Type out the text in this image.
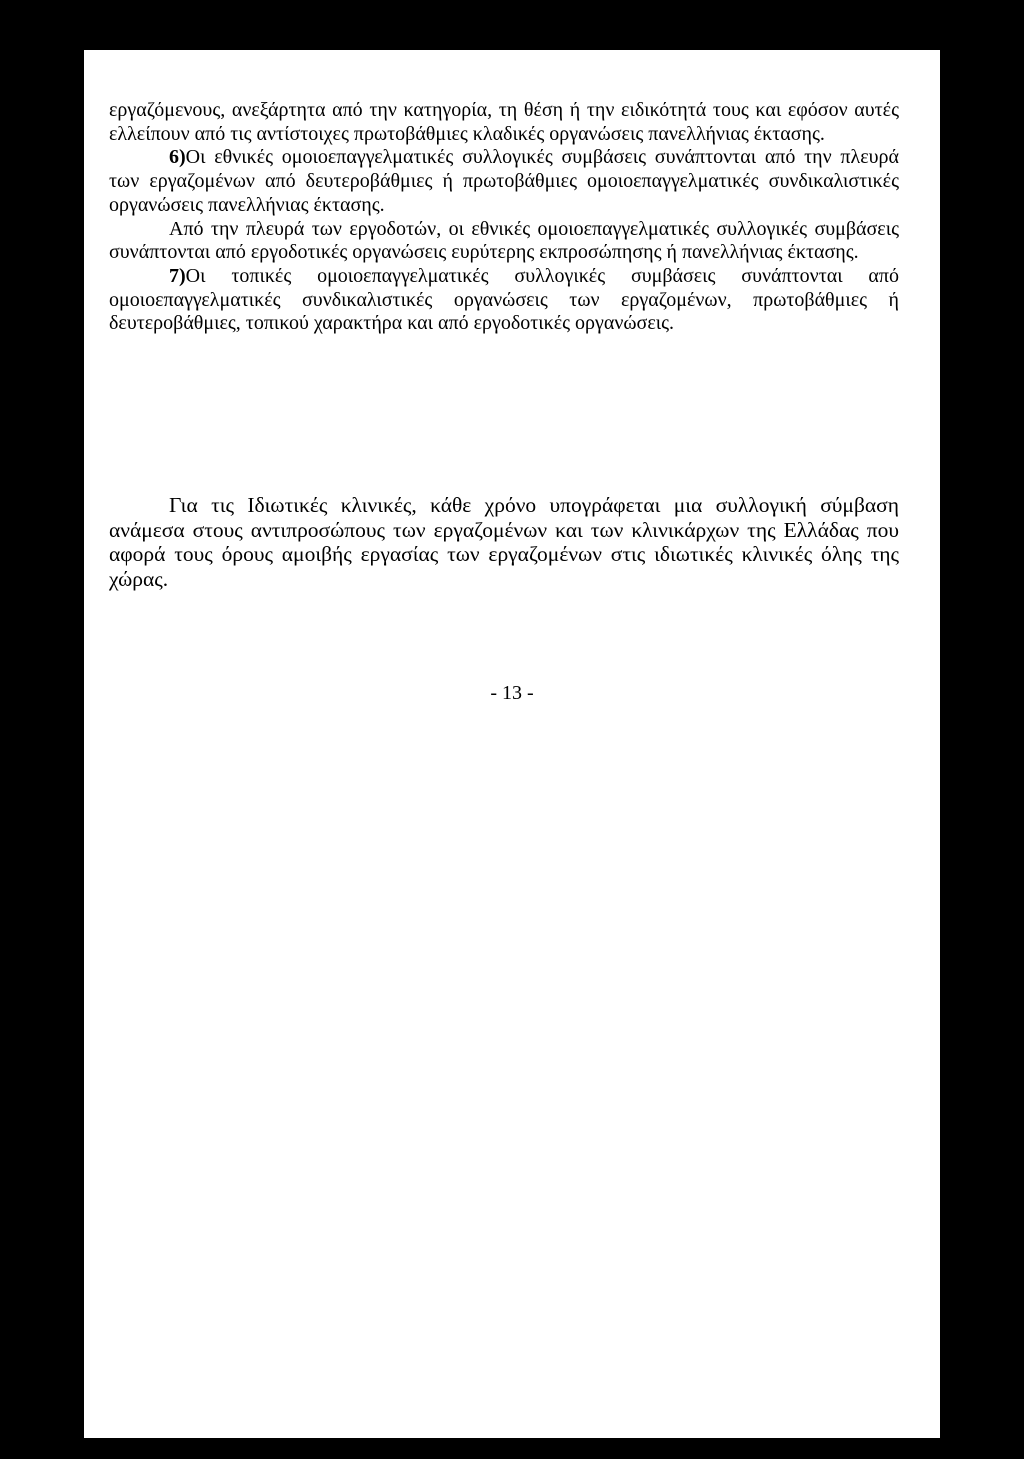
εργαζόμενους, ανεξάρτητα από την κατηγορία, τη θέση ή την ειδικότητά τους και εφόσον αυτές ελλείπουν από τις αντίστοιχες πρωτοβάθμιες κλαδικές οργανώσεις πανελλήνιας έκτασης.

6)Οι εθνικές ομοιοεπαγγελματικές συλλογικές συμβάσεις συνάπτονται από την πλευρά των εργαζομένων από δευτεροβάθμιες ή πρωτοβάθμιες ομοιοεπαγγελματικές συνδικαλιστικές οργανώσεις πανελλήνιας έκτασης.

Από την πλευρά των εργοδοτών, οι εθνικές ομοιοεπαγγελματικές συλλογικές συμβάσεις συνάπτονται από εργοδοτικές οργανώσεις ευρύτερης εκπροσώπησης ή πανελλήνιας έκτασης.

7)Οι τοπικές ομοιοεπαγγελματικές συλλογικές συμβάσεις συνάπτονται από ομοιοεπαγγελματικές συνδικαλιστικές οργανώσεις των εργαζομένων, πρωτοβάθμιες ή δευτεροβάθμιες, τοπικού χαρακτήρα και από εργοδοτικές οργανώσεις.

Για τις Ιδιωτικές κλινικές, κάθε χρόνο υπογράφεται μια συλλογική σύμβαση ανάμεσα στους αντιπροσώπους των εργαζομένων και των κλινικάρχων της Ελλάδας που αφορά τους όρους αμοιβής εργασίας των εργαζομένων στις ιδιωτικές κλινικές όλης της χώρας.

- 13 -
